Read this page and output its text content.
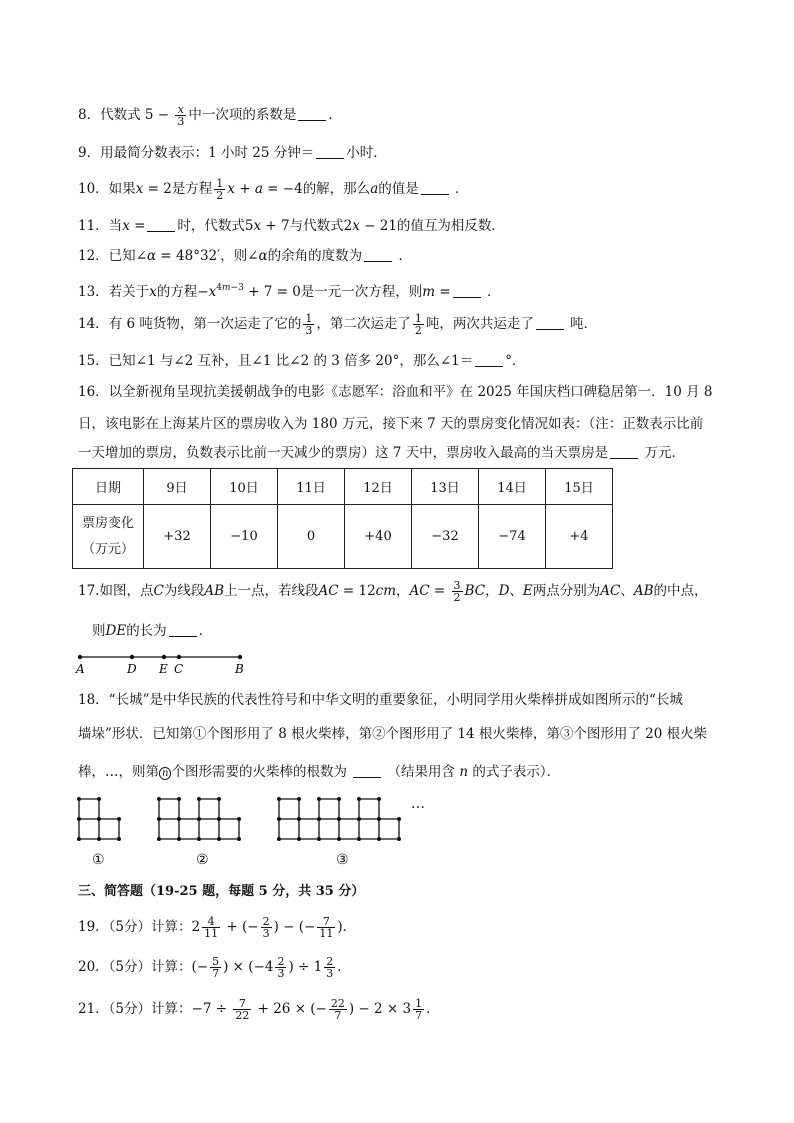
8．代数式 $5 - \frac{x}{3}$ 中一次项的系数是 ．
9．用最简分数表示：1 小时 25 分钟＝ 小时．
10．如果x = 2是方程 $\frac{1}{2}$ x + a = −4的解，那么a的值是	．
11．当x = 时，代数式5x + 7与代数式2x − 21的值互为相反数．
12．已知∠α = 48°32′，则∠α的余角的度数为	．
13．若关于x的方程$-x^{4m-3} + 7 = 0$是一元一次方程，则m =	．
14．有 6 吨货物，第一次运走了它的 $\frac{1}{3}$ ，第二次运走了 $\frac{1}{2}$ 吨，两次共运走了	吨．
15．已知∠1 与∠2 互补，且∠1 比∠2 的 3 倍多 20°，那么∠1＝ °．
16．以全新视角呈现抗美援朝战争的电影《志愿军：浴血和平》在 2025 年国庆档口碑稳居第一．10 月 8
日，该电影在上海某片区的票房收入为 180 万元，接下来 7 天的票房变化情况如表：（注：正数表示比前
一天增加的票房，负数表示比前一天减少的票房）这 7 天中，票房收入最高的当天票房是	万元．
日期	9日	10日	11日	12日	13日	14日	15日
票房变化
（万元）	+32	−10	0	+40	−32	−74	+4
17.如图，点C为线段AB上一点，若线段AC = 12cm，AC = $\frac{3}{2}$ BC，D、E两点分别为AC、AB的中点，
则DE的长为 ．
A	D E C	B
18．“长城”是中华民族的代表性符号和中华文明的重要象征，小明同学用火柴棒拼成如图所示的“长城
墙垛”形状．已知第①个图形用了 8 根火柴棒，第②个图形用了 14 根火柴棒，第③个图形用了 20 根火柴
棒，…，则第 n 个图形需要的火柴棒的根数为	（结果用含 n 的式子表示）．
…
①	②	③
三、简答题（19-25 题，每题 5 分，共 35 分）
19．（5分）计算：$2 \frac{4}{11}$ + (− $\frac{2}{3}$ ) − (− $\frac{7}{11}$ )．
20．（5分）计算：(− $\frac{5}{7}$ ) × ($-4 \frac{2}{3}$ ) ÷ $1 \frac{2}{3}$ ．
21．（5分）计算：$-7 \div \frac{7}{22} + 26$ × (− $\frac{22}{7}$ ) − $2 \times 3 \frac{1}{7}$ ．
